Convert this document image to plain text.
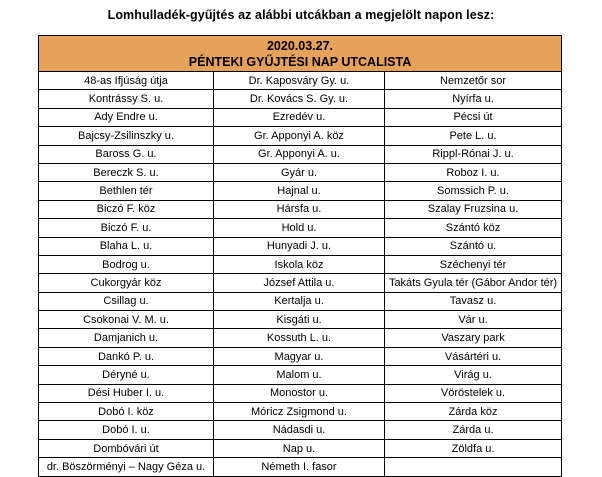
Lomhulladék-gyűjtés az alábbi utcákban a megjelölt napon lesz:
2020.03.27.
PÉNTEKI GYŰJTÉSI NAP UTCALISTA		

48-as Ifjúság útja	Dr. Kaposváry Gy. u.	Nemzetőr sor
Kontrássy S. u.	Dr. Kovács S. Gy. u.	Nyírfa u.
Ady Endre u.	Ezredév u.	Pécsi út
Bajcsy-Zsilinszky u.	Gr. Apponyi A. köz	Pete L. u.
Baross G. u.	Gr. Apponyi A. u.	Rippl-Rónai J. u.
Bereczk S. u.	Gyár u.	Roboz I. u.
Bethlen tér	Hajnal u.	Somssich P. u.
Biczó F. köz	Hársfa u.	Szalay Fruzsina u.
Biczó F. u.	Hold u.	Szántó köz
Blaha L. u.	Hunyadi J. u.	Szántó u.
Bodrog u.	Iskola köz	Széchenyi tér
Cukorgyár köz	József Attila u.	Takáts Gyula tér (Gábor Andor tér)
Csillag u.	Kertalja u.	Tavasz u.
Csokonai V. M. u.	Kisgáti u.	Vár u.
Damjanich u.	Kossuth L. u.	Vaszary park
Dankó P. u.	Magyar u.	Vásártéri u.
Déryné u.	Malom u.	Virág u.
Dési Huber I. u.	Monostor u.	Vöröstelek u.
Dobó I. köz	Móricz Zsigmond u.	Zárda köz
Dobó I. u.	Nádasdi u.	Zárda u.
Dombóvári út	Nap u.	Zöldfa u.
dr. Böszörményi – Nagy Géza u.	Németh I. fasor	
